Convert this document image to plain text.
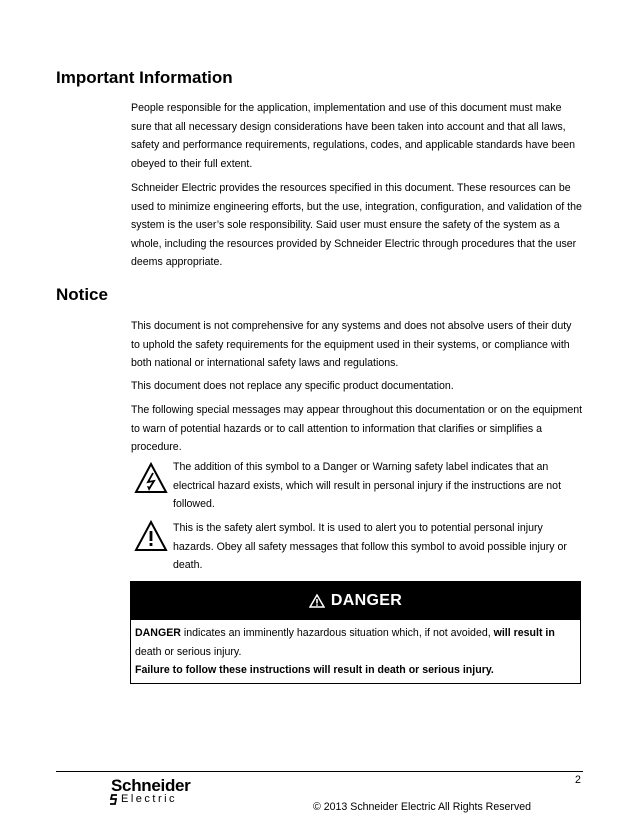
Important Information

People responsible for the application, implementation and use of this document must make sure that all necessary design considerations have been taken into account and that all laws, safety and performance requirements, regulations, codes, and applicable standards have been obeyed to their full extent.

Schneider Electric provides the resources specified in this document. These resources can be used to minimize engineering efforts, but the use, integration, configuration, and validation of the system is the user’s sole responsibility. Said user must ensure the safety of the system as a whole, including the resources provided by Schneider Electric through procedures that the user deems appropriate.

Notice

This document is not comprehensive for any systems and does not absolve users of their duty to uphold the safety requirements for the equipment used in their systems, or compliance with both national or international safety laws and regulations.

This document does not replace any specific product documentation.

The following special messages may appear throughout this documentation or on the equipment to warn of potential hazards or to call attention to information that clarifies or simplifies a procedure.

The addition of this symbol to a Danger or Warning safety label indicates that an electrical hazard exists, which will result in personal injury if the instructions are not followed.

This is the safety alert symbol. It is used to alert you to potential personal injury hazards. Obey all safety messages that follow this symbol to avoid possible injury or death.

DANGER
DANGER indicates an imminently hazardous situation which, if not avoided, will result in death or serious injury.
Failure to follow these instructions will result in death or serious injury.
2
Schneider
Electric
© 2013 Schneider Electric All Rights Reserved
